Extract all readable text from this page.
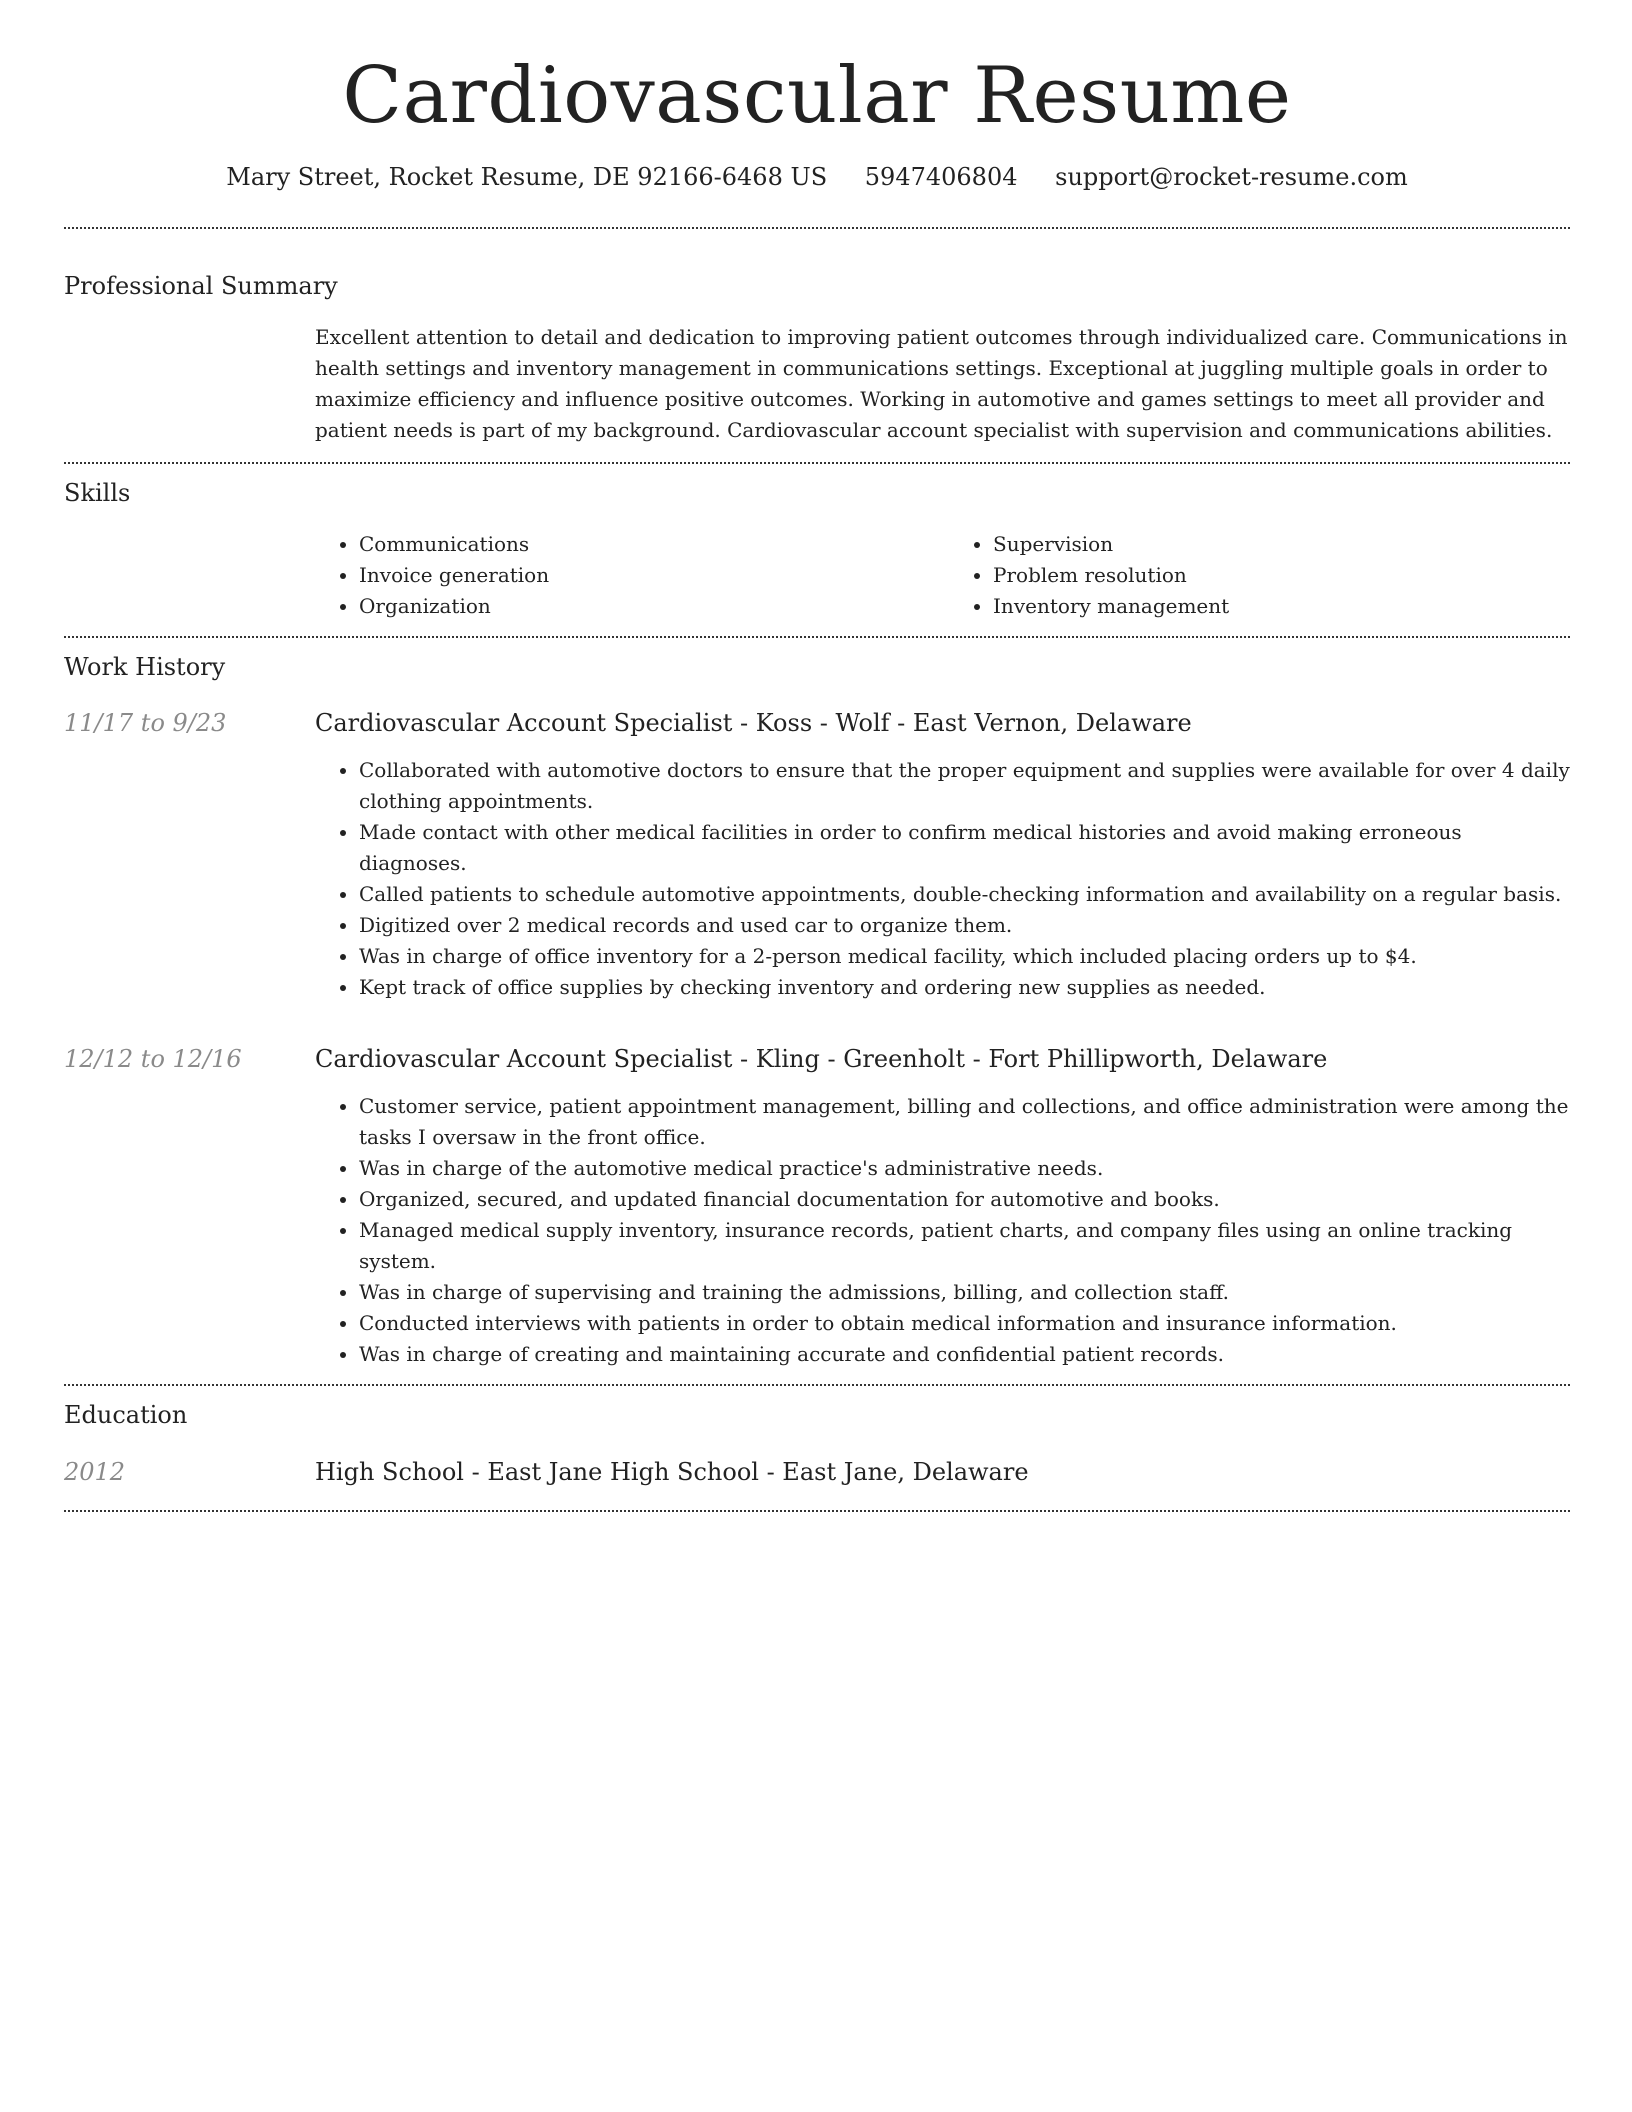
Cardiovascular Resume
Mary Street, Rocket Resume, DE 92166-6468 US 5947406804 support@rocket-resume.com
Professional Summary
Excellent attention to detail and dedication to improving patient outcomes through individualized care. Communications in health settings and inventory management in communications settings. Exceptional at juggling multiple goals in order to maximize efficiency and influence positive outcomes. Working in automotive and games settings to meet all provider and patient needs is part of my background. Cardiovascular account specialist with supervision and communications abilities.
Skills
• Communications
• Invoice generation
• Organization
• Supervision
• Problem resolution
• Inventory management
Work History
11/17 to 9/23	Cardiovascular Account Specialist - Koss - Wolf - East Vernon, Delaware
• Collaborated with automotive doctors to ensure that the proper equipment and supplies were available for over 4 daily clothing appointments.
• Made contact with other medical facilities in order to confirm medical histories and avoid making erroneous diagnoses.
• Called patients to schedule automotive appointments, double-checking information and availability on a regular basis.
• Digitized over 2 medical records and used car to organize them.
• Was in charge of office inventory for a 2-person medical facility, which included placing orders up to $4.
• Kept track of office supplies by checking inventory and ordering new supplies as needed.
12/12 to 12/16	Cardiovascular Account Specialist - Kling - Greenholt - Fort Phillipworth, Delaware
• Customer service, patient appointment management, billing and collections, and office administration were among the tasks I oversaw in the front office.
• Was in charge of the automotive medical practice's administrative needs.
• Organized, secured, and updated financial documentation for automotive and books.
• Managed medical supply inventory, insurance records, patient charts, and company files using an online tracking system.
• Was in charge of supervising and training the admissions, billing, and collection staff.
• Conducted interviews with patients in order to obtain medical information and insurance information.
• Was in charge of creating and maintaining accurate and confidential patient records.
Education
2012	High School - East Jane High School - East Jane, Delaware
